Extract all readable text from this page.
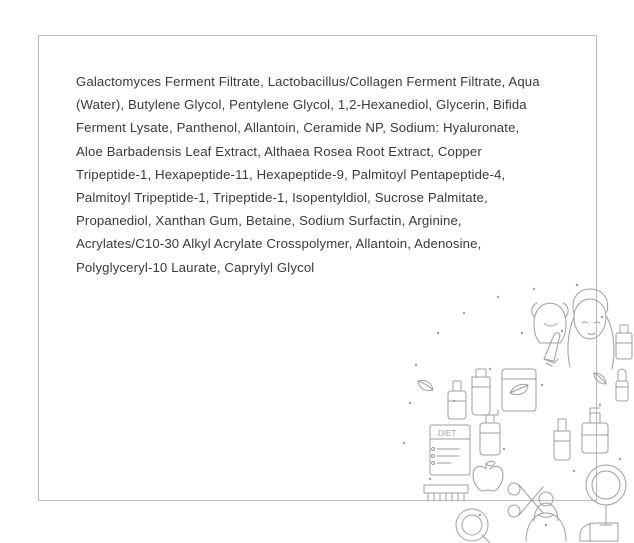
Galactomyces Ferment Filtrate, Lactobacillus/Collagen Ferment Filtrate, Aqua (Water), Butylene Glycol, Pentylene Glycol, 1,2-Hexanediol, Glycerin, Bifida Ferment Lysate, Panthenol, Allantoin, Ceramide NP, Sodium: Hyaluronate, Aloe Barbadensis Leaf Extract, Althaea Rosea Root Extract, Copper Tripeptide-1, Hexapeptide-11, Hexapeptide-9, Palmitoyl Pentapeptide-4, Palmitoyl Tripeptide-1, Tripeptide-1, Isopentyldiol, Sucrose Palmitate, Propanediol, Xanthan Gum, Betaine, Sodium Surfactin, Arginine, Acrylates/C10-30 Alkyl Acrylate Crosspolymer, Allantoin, Adenosine, Polyglyceryl-10 Laurate, Caprylyl Glycol
DIET
